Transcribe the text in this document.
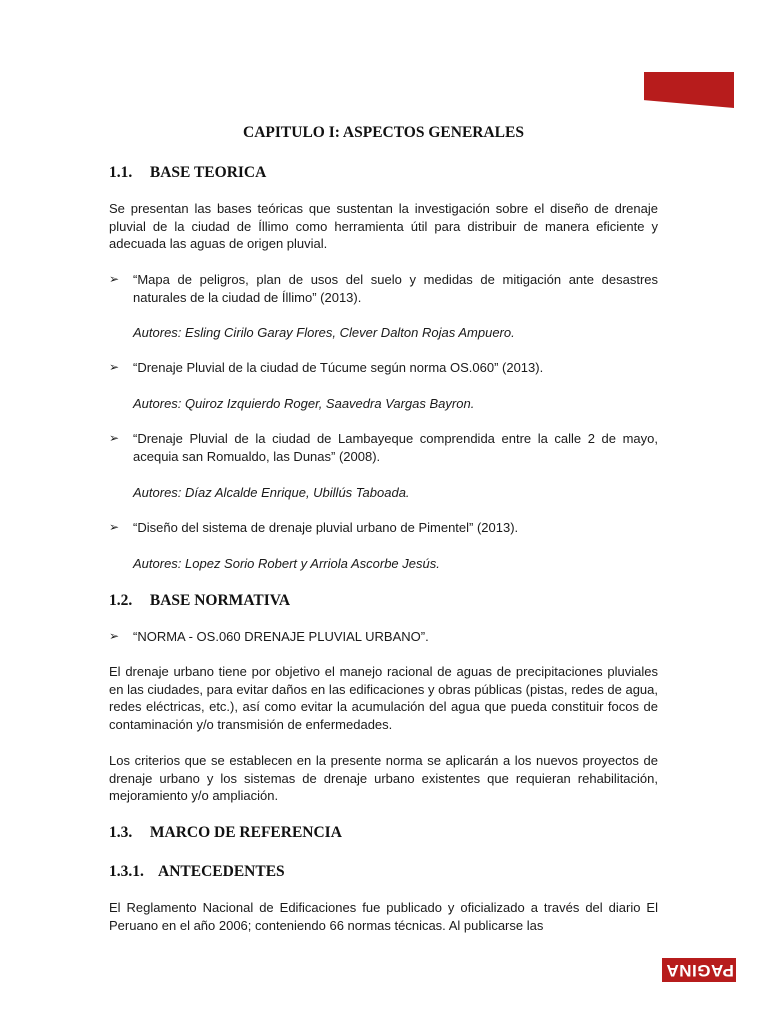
CAPITULO I: ASPECTOS GENERALES
1.1. BASE TEORICA

Se presentan las bases teóricas que sustentan la investigación sobre el diseño de drenaje pluvial de la ciudad de Íllimo como herramienta útil para distribuir de manera eficiente y adecuada las aguas de origen pluvial.

➢ “Mapa de peligros, plan de usos del suelo y medidas de mitigación ante desastres naturales de la ciudad de Íllimo” (2013).

Autores: Esling Cirilo Garay Flores, Clever Dalton Rojas Ampuero.

➢ “Drenaje Pluvial de la ciudad de Túcume según norma OS.060” (2013).

Autores: Quiroz Izquierdo Roger, Saavedra Vargas Bayron.

➢ “Drenaje Pluvial de la ciudad de Lambayeque comprendida entre la calle 2 de mayo, acequia san Romualdo, las Dunas” (2008).

Autores: Díaz Alcalde Enrique, Ubillús Taboada.

➢ “Diseño del sistema de drenaje pluvial urbano de Pimentel” (2013).

Autores: Lopez Sorio Robert y Arriola Ascorbe Jesús.

1.2. BASE NORMATIVA
➢ “NORMA - OS.060 DRENAJE PLUVIAL URBANO”.

El drenaje urbano tiene por objetivo el manejo racional de aguas de precipitaciones pluviales en las ciudades, para evitar daños en las edificaciones y obras públicas (pistas, redes de agua, redes eléctricas, etc.), así como evitar la acumulación del agua que pueda constituir focos de contaminación y/o transmisión de enfermedades.

Los criterios que se establecen en la presente norma se aplicarán a los nuevos proyectos de drenaje urbano y los sistemas de drenaje urbano existentes que requieran rehabilitación, mejoramiento y/o ampliación.

1.3. MARCO DE REFERENCIA
1.3.1. ANTECEDENTES

El Reglamento Nacional de Edificaciones fue publicado y oficializado a través del diario El Peruano en el año 2006; conteniendo 66 normas técnicas. Al publicarse las

PAGINA
